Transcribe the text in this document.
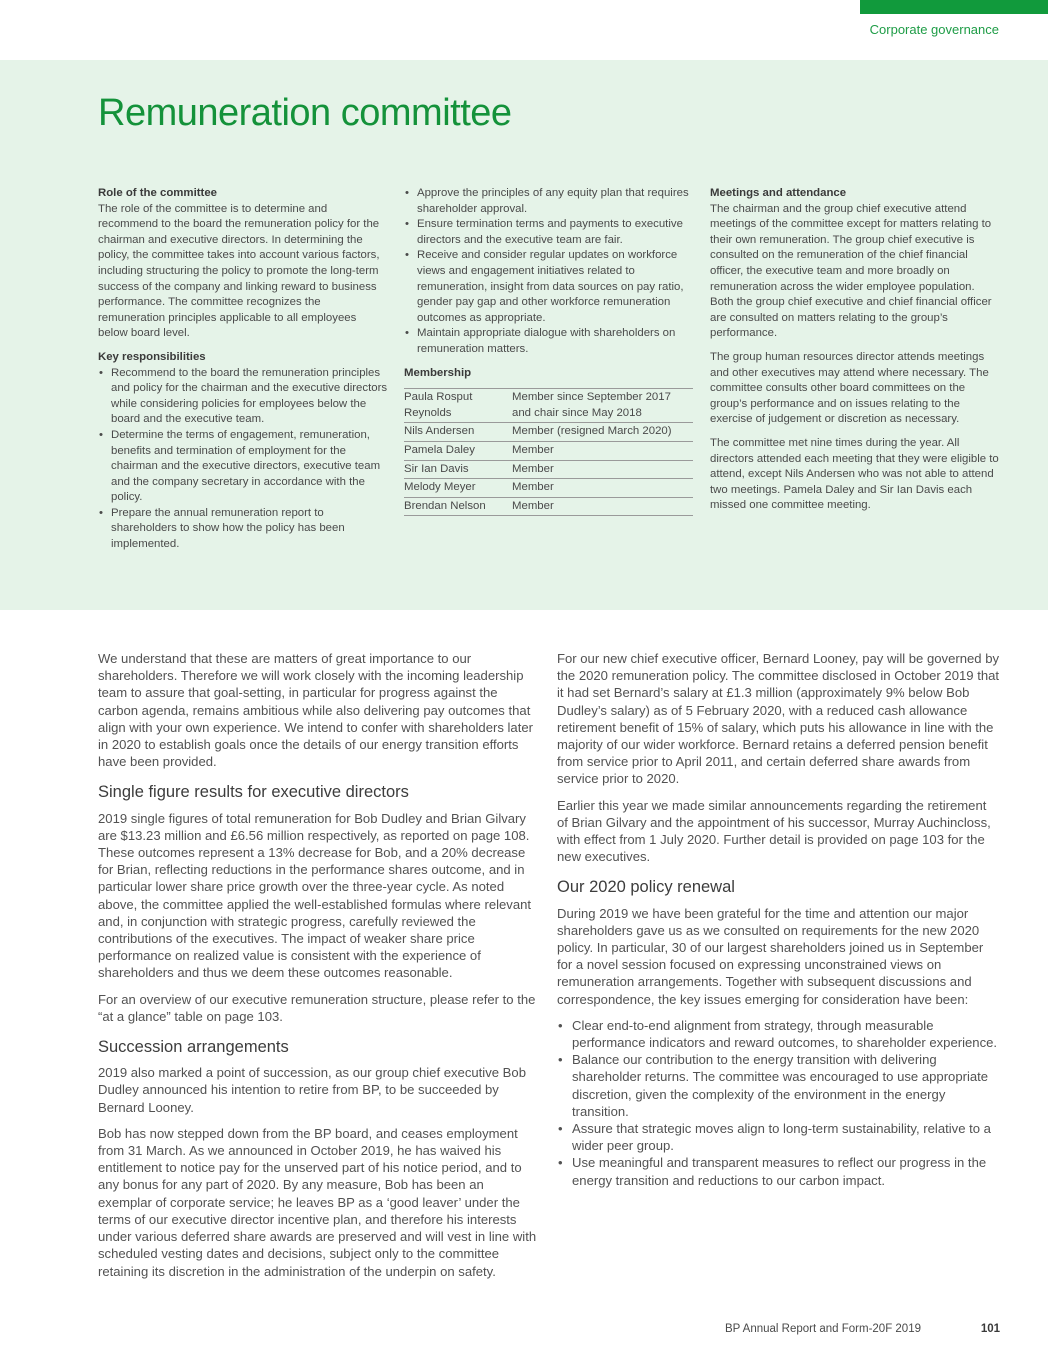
Corporate governance
Remuneration committee
Role of the committee

The role of the committee is to determine and recommend to the board the remuneration policy for the chairman and executive directors. In determining the policy, the committee takes into account various factors, including structuring the policy to promote the long-term success of the company and linking reward to business performance. The committee recognizes the remuneration principles applicable to all employees below board level.

Key responsibilities
• Recommend to the board the remuneration principles and policy for the chairman and the executive directors while considering policies for employees below the board and the executive team.
• Determine the terms of engagement, remuneration, benefits and termination of employment for the chairman and the executive directors, executive team and the company secretary in accordance with the policy.
• Prepare the annual remuneration report to shareholders to show how the policy has been implemented.
• Approve the principles of any equity plan that requires shareholder approval.
• Ensure termination terms and payments to executive directors and the executive team are fair.
• Receive and consider regular updates on workforce views and engagement initiatives related to remuneration, insight from data sources on pay ratio, gender pay gap and other workforce remuneration outcomes as appropriate.
• Maintain appropriate dialogue with shareholders on remuneration matters.
Membership
Paula Rosput Reynolds	Member since September 2017 and chair since May 2018
Nils Andersen	Member (resigned March 2020)
Pamela Daley	Member
Sir Ian Davis	Member
Melody Meyer	Member
Brendan Nelson	Member
Meetings and attendance

The chairman and the group chief executive attend meetings of the committee except for matters relating to their own remuneration. The group chief executive is consulted on the remuneration of the chief financial officer, the executive team and more broadly on remuneration across the wider employee population. Both the group chief executive and chief financial officer are consulted on matters relating to the group’s performance.

The group human resources director attends meetings and other executives may attend where necessary. The committee consults other board committees on the group’s performance and on issues relating to the exercise of judgement or discretion as necessary.

The committee met nine times during the year. All directors attended each meeting that they were eligible to attend, except Nils Andersen who was not able to attend two meetings. Pamela Daley and Sir Ian Davis each missed one committee meeting.

We understand that these are matters of great importance to our shareholders. Therefore we will work closely with the incoming leadership team to assure that goal-setting, in particular for progress against the carbon agenda, remains ambitious while also delivering pay outcomes that align with your own experience. We intend to confer with shareholders later in 2020 to establish goals once the details of our energy transition efforts have been provided.

Single figure results for executive directors

2019 single figures of total remuneration for Bob Dudley and Brian Gilvary are $13.23 million and £6.56 million respectively, as reported on page 108. These outcomes represent a 13% decrease for Bob, and a 20% decrease for Brian, reflecting reductions in the performance shares outcome, and in particular lower share price growth over the three-year cycle. As noted above, the committee applied the well-established formulas where relevant and, in conjunction with strategic progress, carefully reviewed the contributions of the executives. The impact of weaker share price performance on realized value is consistent with the experience of shareholders and thus we deem these outcomes reasonable.

For an overview of our executive remuneration structure, please refer to the “at a glance” table on page 103.

Succession arrangements

2019 also marked a point of succession, as our group chief executive Bob Dudley announced his intention to retire from BP, to be succeeded by Bernard Looney.

Bob has now stepped down from the BP board, and ceases employment from 31 March. As we announced in October 2019, he has waived his entitlement to notice pay for the unserved part of his notice period, and to any bonus for any part of 2020. By any measure, Bob has been an exemplar of corporate service; he leaves BP as a ‘good leaver’ under the terms of our executive director incentive plan, and therefore his interests under various deferred share awards are preserved and will vest in line with scheduled vesting dates and decisions, subject only to the committee retaining its discretion in the administration of the underpin on safety.

For our new chief executive officer, Bernard Looney, pay will be governed by the 2020 remuneration policy. The committee disclosed in October 2019 that it had set Bernard’s salary at £1.3 million (approximately 9% below Bob Dudley’s salary) as of 5 February 2020, with a reduced cash allowance retirement benefit of 15% of salary, which puts his allowance in line with the majority of our wider workforce. Bernard retains a deferred pension benefit from service prior to April 2011, and certain deferred share awards from service prior to 2020.

Earlier this year we made similar announcements regarding the retirement of Brian Gilvary and the appointment of his successor, Murray Auchincloss, with effect from 1 July 2020. Further detail is provided on page 103 for the new executives.

Our 2020 policy renewal

During 2019 we have been grateful for the time and attention our major shareholders gave us as we consulted on requirements for the new 2020 policy. In particular, 30 of our largest shareholders joined us in September for a novel session focused on expressing unconstrained views on remuneration arrangements. Together with subsequent discussions and correspondence, the key issues emerging for consideration have been:

• Clear end-to-end alignment from strategy, through measurable performance indicators and reward outcomes, to shareholder experience.
• Balance our contribution to the energy transition with delivering shareholder returns. The committee was encouraged to use appropriate discretion, given the complexity of the environment in the energy transition.
• Assure that strategic moves align to long-term sustainability, relative to a wider peer group.
• Use meaningful and transparent measures to reflect our progress in the energy transition and reductions to our carbon impact.
BP Annual Report and Form-20F 2019	101
